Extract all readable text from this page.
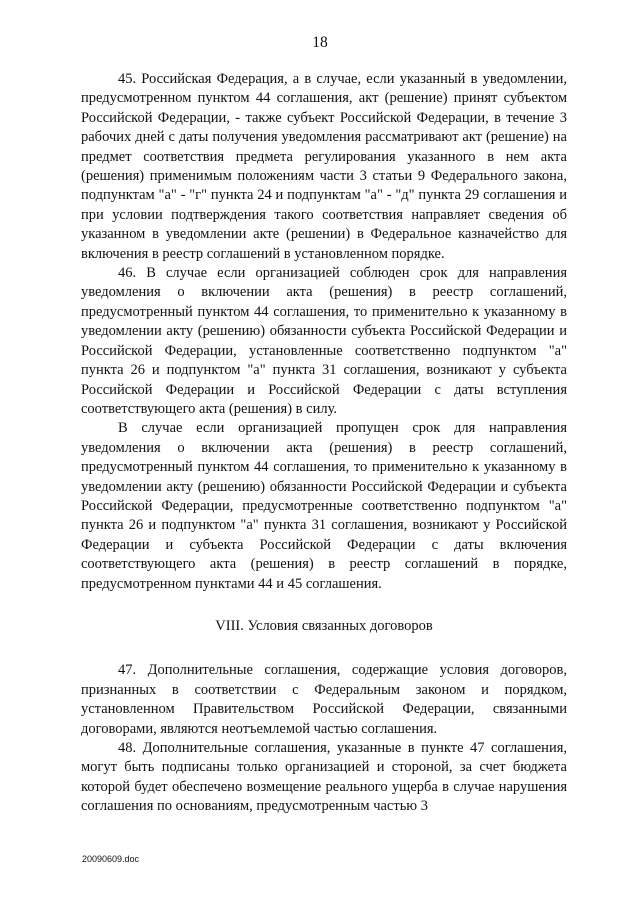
18

45. Российская Федерация, а в случае, если указанный в уведомлении, предусмотренном пунктом 44 соглашения, акт (решение) принят субъектом Российской Федерации, - также субъект Российской Федерации, в течение 3 рабочих дней с даты получения уведомления рассматривают акт (решение) на предмет соответствия предмета регулирования указанного в нем акта (решения) применимым положениям части 3 статьи 9 Федерального закона, подпунктам "а" - "г" пункта 24 и подпунктам "а" - "д" пункта 29 соглашения и при условии подтверждения такого соответствия направляет сведения об указанном в уведомлении акте (решении) в Федеральное казначейство для включения в реестр соглашений в установленном порядке.

46. В случае если организацией соблюден срок для направления уведомления о включении акта (решения) в реестр соглашений, предусмотренный пунктом 44 соглашения, то применительно к указанному в уведомлении акту (решению) обязанности субъекта Российской Федерации и Российской Федерации, установленные соответственно подпунктом "а" пункта 26 и подпунктом "а" пункта 31 соглашения, возникают у субъекта Российской Федерации и Российской Федерации с даты вступления соответствующего акта (решения) в силу.

В случае если организацией пропущен срок для направления уведомления о включении акта (решения) в реестр соглашений, предусмотренный пунктом 44 соглашения, то применительно к указанному в уведомлении акту (решению) обязанности Российской Федерации и субъекта Российской Федерации, предусмотренные соответственно подпунктом "а" пункта 26 и подпунктом "а" пункта 31 соглашения, возникают у Российской Федерации и субъекта Российской Федерации с даты включения соответствующего акта (решения) в реестр соглашений в порядке, предусмотренном пунктами 44 и 45 соглашения.

VIII. Условия связанных договоров

47. Дополнительные соглашения, содержащие условия договоров, признанных в соответствии с Федеральным законом и порядком, установленном Правительством Российской Федерации, связанными договорами, являются неотъемлемой частью соглашения.

48. Дополнительные соглашения, указанные в пункте 47 соглашения, могут быть подписаны только организацией и стороной, за счет бюджета которой будет обеспечено возмещение реального ущерба в случае нарушения соглашения по основаниям, предусмотренным частью 3

20090609.doc
